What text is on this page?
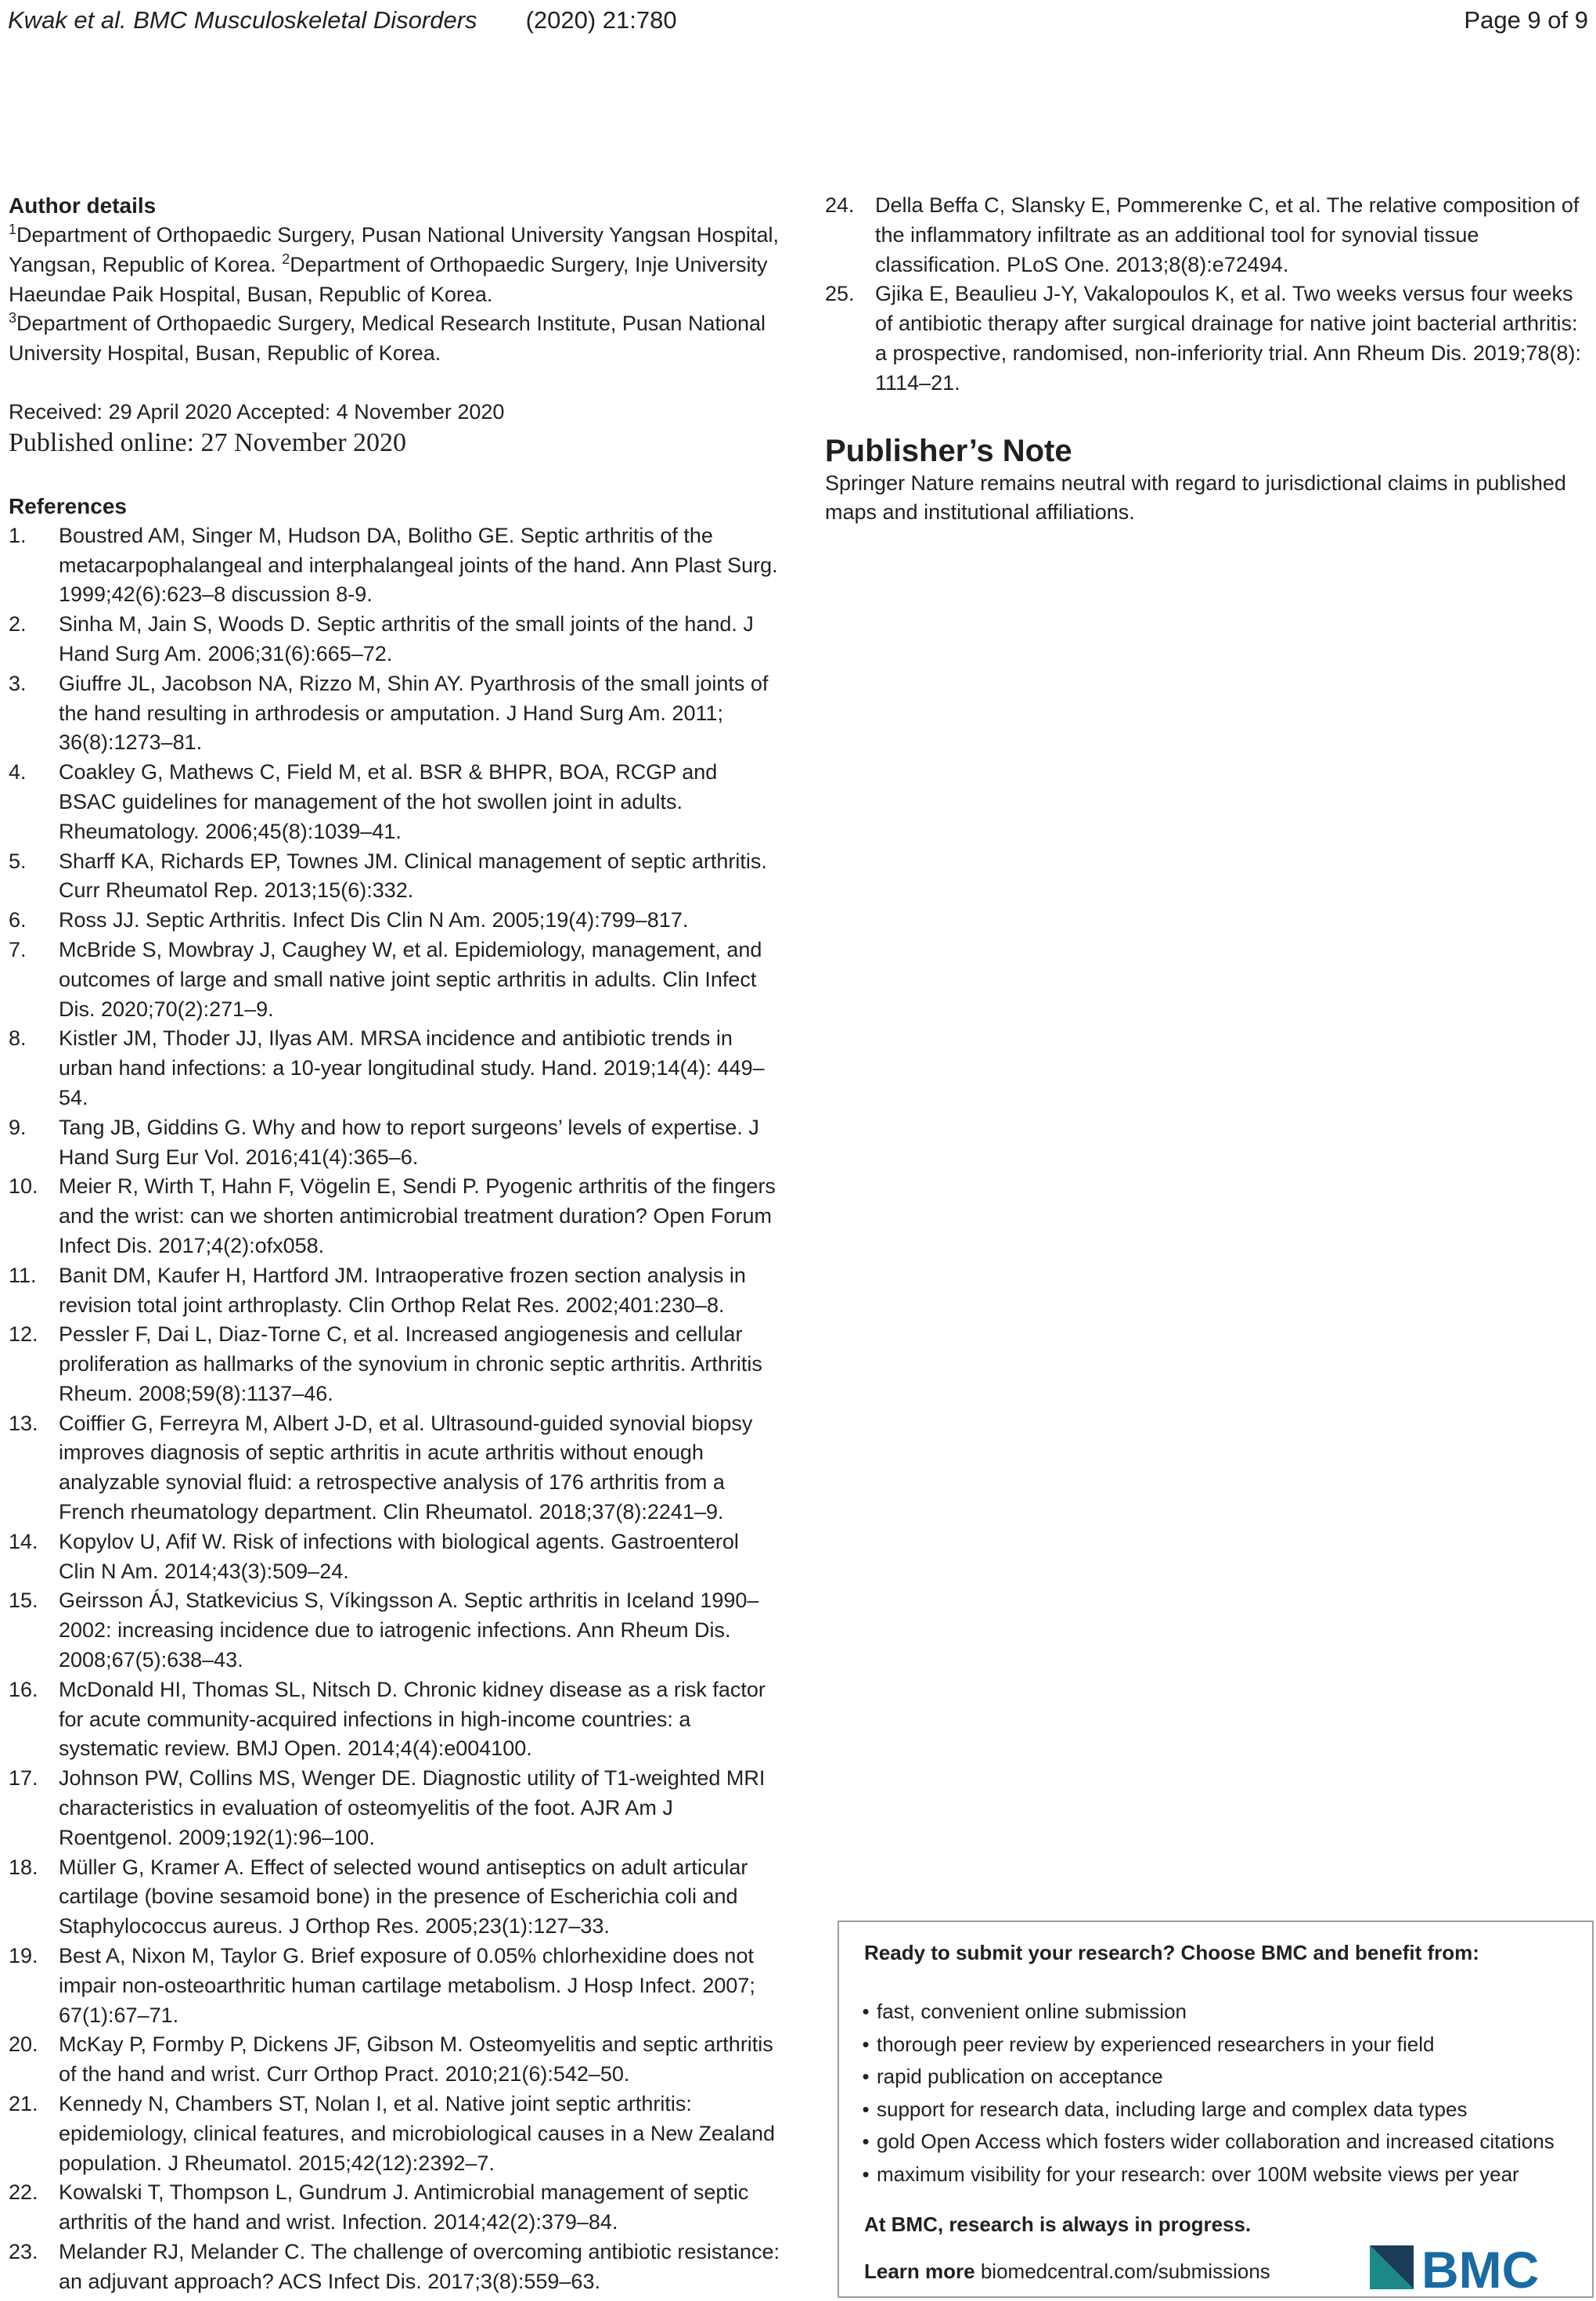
Kwak et al. BMC Musculoskeletal Disorders (2020) 21:780	Page 9 of 9
Author details
$^1$Department of Orthopaedic Surgery, Pusan National University Yangsan Hospital, Yangsan, Republic of Korea. $^2$Department of Orthopaedic Surgery, Inje University Haeundae Paik Hospital, Busan, Republic of Korea.
$^3$Department of Orthopaedic Surgery, Medical Research Institute, Pusan National University Hospital, Busan, Republic of Korea.
Received: 29 April 2020 Accepted: 4 November 2020
Published online: 27 November 2020
References
1.	Boustred AM, Singer M, Hudson DA, Bolitho GE. Septic arthritis of the metacarpophalangeal and interphalangeal joints of the hand. Ann Plast Surg. 1999;42(6):623–8 discussion 8-9.
2.	Sinha M, Jain S, Woods D. Septic arthritis of the small joints of the hand. J Hand Surg Am. 2006;31(6):665–72.
3.	Giuffre JL, Jacobson NA, Rizzo M, Shin AY. Pyarthrosis of the small joints of the hand resulting in arthrodesis or amputation. J Hand Surg Am. 2011; 36(8):1273–81.
4.	Coakley G, Mathews C, Field M, et al. BSR & BHPR, BOA, RCGP and BSAC guidelines for management of the hot swollen joint in adults. Rheumatology. 2006;45(8):1039–41.
5.	Sharff KA, Richards EP, Townes JM. Clinical management of septic arthritis. Curr Rheumatol Rep. 2013;15(6):332.
6.	Ross JJ. Septic Arthritis. Infect Dis Clin N Am. 2005;19(4):799–817.
7.	McBride S, Mowbray J, Caughey W, et al. Epidemiology, management, and outcomes of large and small native joint septic arthritis in adults. Clin Infect Dis. 2020;70(2):271–9.
8.	Kistler JM, Thoder JJ, Ilyas AM. MRSA incidence and antibiotic trends in urban hand infections: a 10-year longitudinal study. Hand. 2019;14(4): 449–54.
9.	Tang JB, Giddins G. Why and how to report surgeons’ levels of expertise. J Hand Surg Eur Vol. 2016;41(4):365–6.
10. Meier R, Wirth T, Hahn F, Vögelin E, Sendi P. Pyogenic arthritis of the fingers and the wrist: can we shorten antimicrobial treatment duration? Open Forum Infect Dis. 2017;4(2):ofx058.
11.	Banit DM, Kaufer H, Hartford JM. Intraoperative frozen section analysis in revision total joint arthroplasty. Clin Orthop Relat Res. 2002;401:230–8.
12. Pessler F, Dai L, Diaz-Torne C, et al. Increased angiogenesis and cellular proliferation as hallmarks of the synovium in chronic septic arthritis. Arthritis Rheum. 2008;59(8):1137–46.
13. Coiffier G, Ferreyra M, Albert J-D, et al. Ultrasound-guided synovial biopsy improves diagnosis of septic arthritis in acute arthritis without enough analyzable synovial fluid: a retrospective analysis of 176 arthritis from a French rheumatology department. Clin Rheumatol. 2018;37(8):2241–9.
14. Kopylov U, Afif W. Risk of infections with biological agents. Gastroenterol Clin N Am. 2014;43(3):509–24.
15. Geirsson ÁJ, Statkevicius S, Víkingsson A. Septic arthritis in Iceland 1990–2002: increasing incidence due to iatrogenic infections. Ann Rheum Dis. 2008;67(5):638–43.
16. McDonald HI, Thomas SL, Nitsch D. Chronic kidney disease as a risk factor for acute community-acquired infections in high-income countries: a systematic review. BMJ Open. 2014;4(4):e004100.
17. Johnson PW, Collins MS, Wenger DE. Diagnostic utility of T1-weighted MRI characteristics in evaluation of osteomyelitis of the foot. AJR Am J Roentgenol. 2009;192(1):96–100.
18. Müller G, Kramer A. Effect of selected wound antiseptics on adult articular cartilage (bovine sesamoid bone) in the presence of Escherichia coli and Staphylococcus aureus. J Orthop Res. 2005;23(1):127–33.
19. Best A, Nixon M, Taylor G. Brief exposure of 0.05% chlorhexidine does not impair non-osteoarthritic human cartilage metabolism. J Hosp Infect. 2007; 67(1):67–71.
20. McKay P, Formby P, Dickens JF, Gibson M. Osteomyelitis and septic arthritis of the hand and wrist. Curr Orthop Pract. 2010;21(6):542–50.
21. Kennedy N, Chambers ST, Nolan I, et al. Native joint septic arthritis: epidemiology, clinical features, and microbiological causes in a New Zealand population. J Rheumatol. 2015;42(12):2392–7.
22. Kowalski T, Thompson L, Gundrum J. Antimicrobial management of septic arthritis of the hand and wrist. Infection. 2014;42(2):379–84.
23. Melander RJ, Melander C. The challenge of overcoming antibiotic resistance: an adjuvant approach? ACS Infect Dis. 2017;3(8):559–63.
24. Della Beffa C, Slansky E, Pommerenke C, et al. The relative composition of the inflammatory infiltrate as an additional tool for synovial tissue classification. PLoS One. 2013;8(8):e72494.
25. Gjika E, Beaulieu J-Y, Vakalopoulos K, et al. Two weeks versus four weeks of antibiotic therapy after surgical drainage for native joint bacterial arthritis: a prospective, randomised, non-inferiority trial. Ann Rheum Dis. 2019;78(8): 1114–21.
Publisher’s Note
Springer Nature remains neutral with regard to jurisdictional claims in published maps and institutional affiliations.
Ready to submit your research? Choose BMC and benefit from:
• fast, convenient online submission
• thorough peer review by experienced researchers in your field
• rapid publication on acceptance
• support for research data, including large and complex data types
• gold Open Access which fosters wider collaboration and increased citations
• maximum visibility for your research: over 100M website views per year
At BMC, research is always in progress.
Learn more biomedcentral.com/submissions	BMC
